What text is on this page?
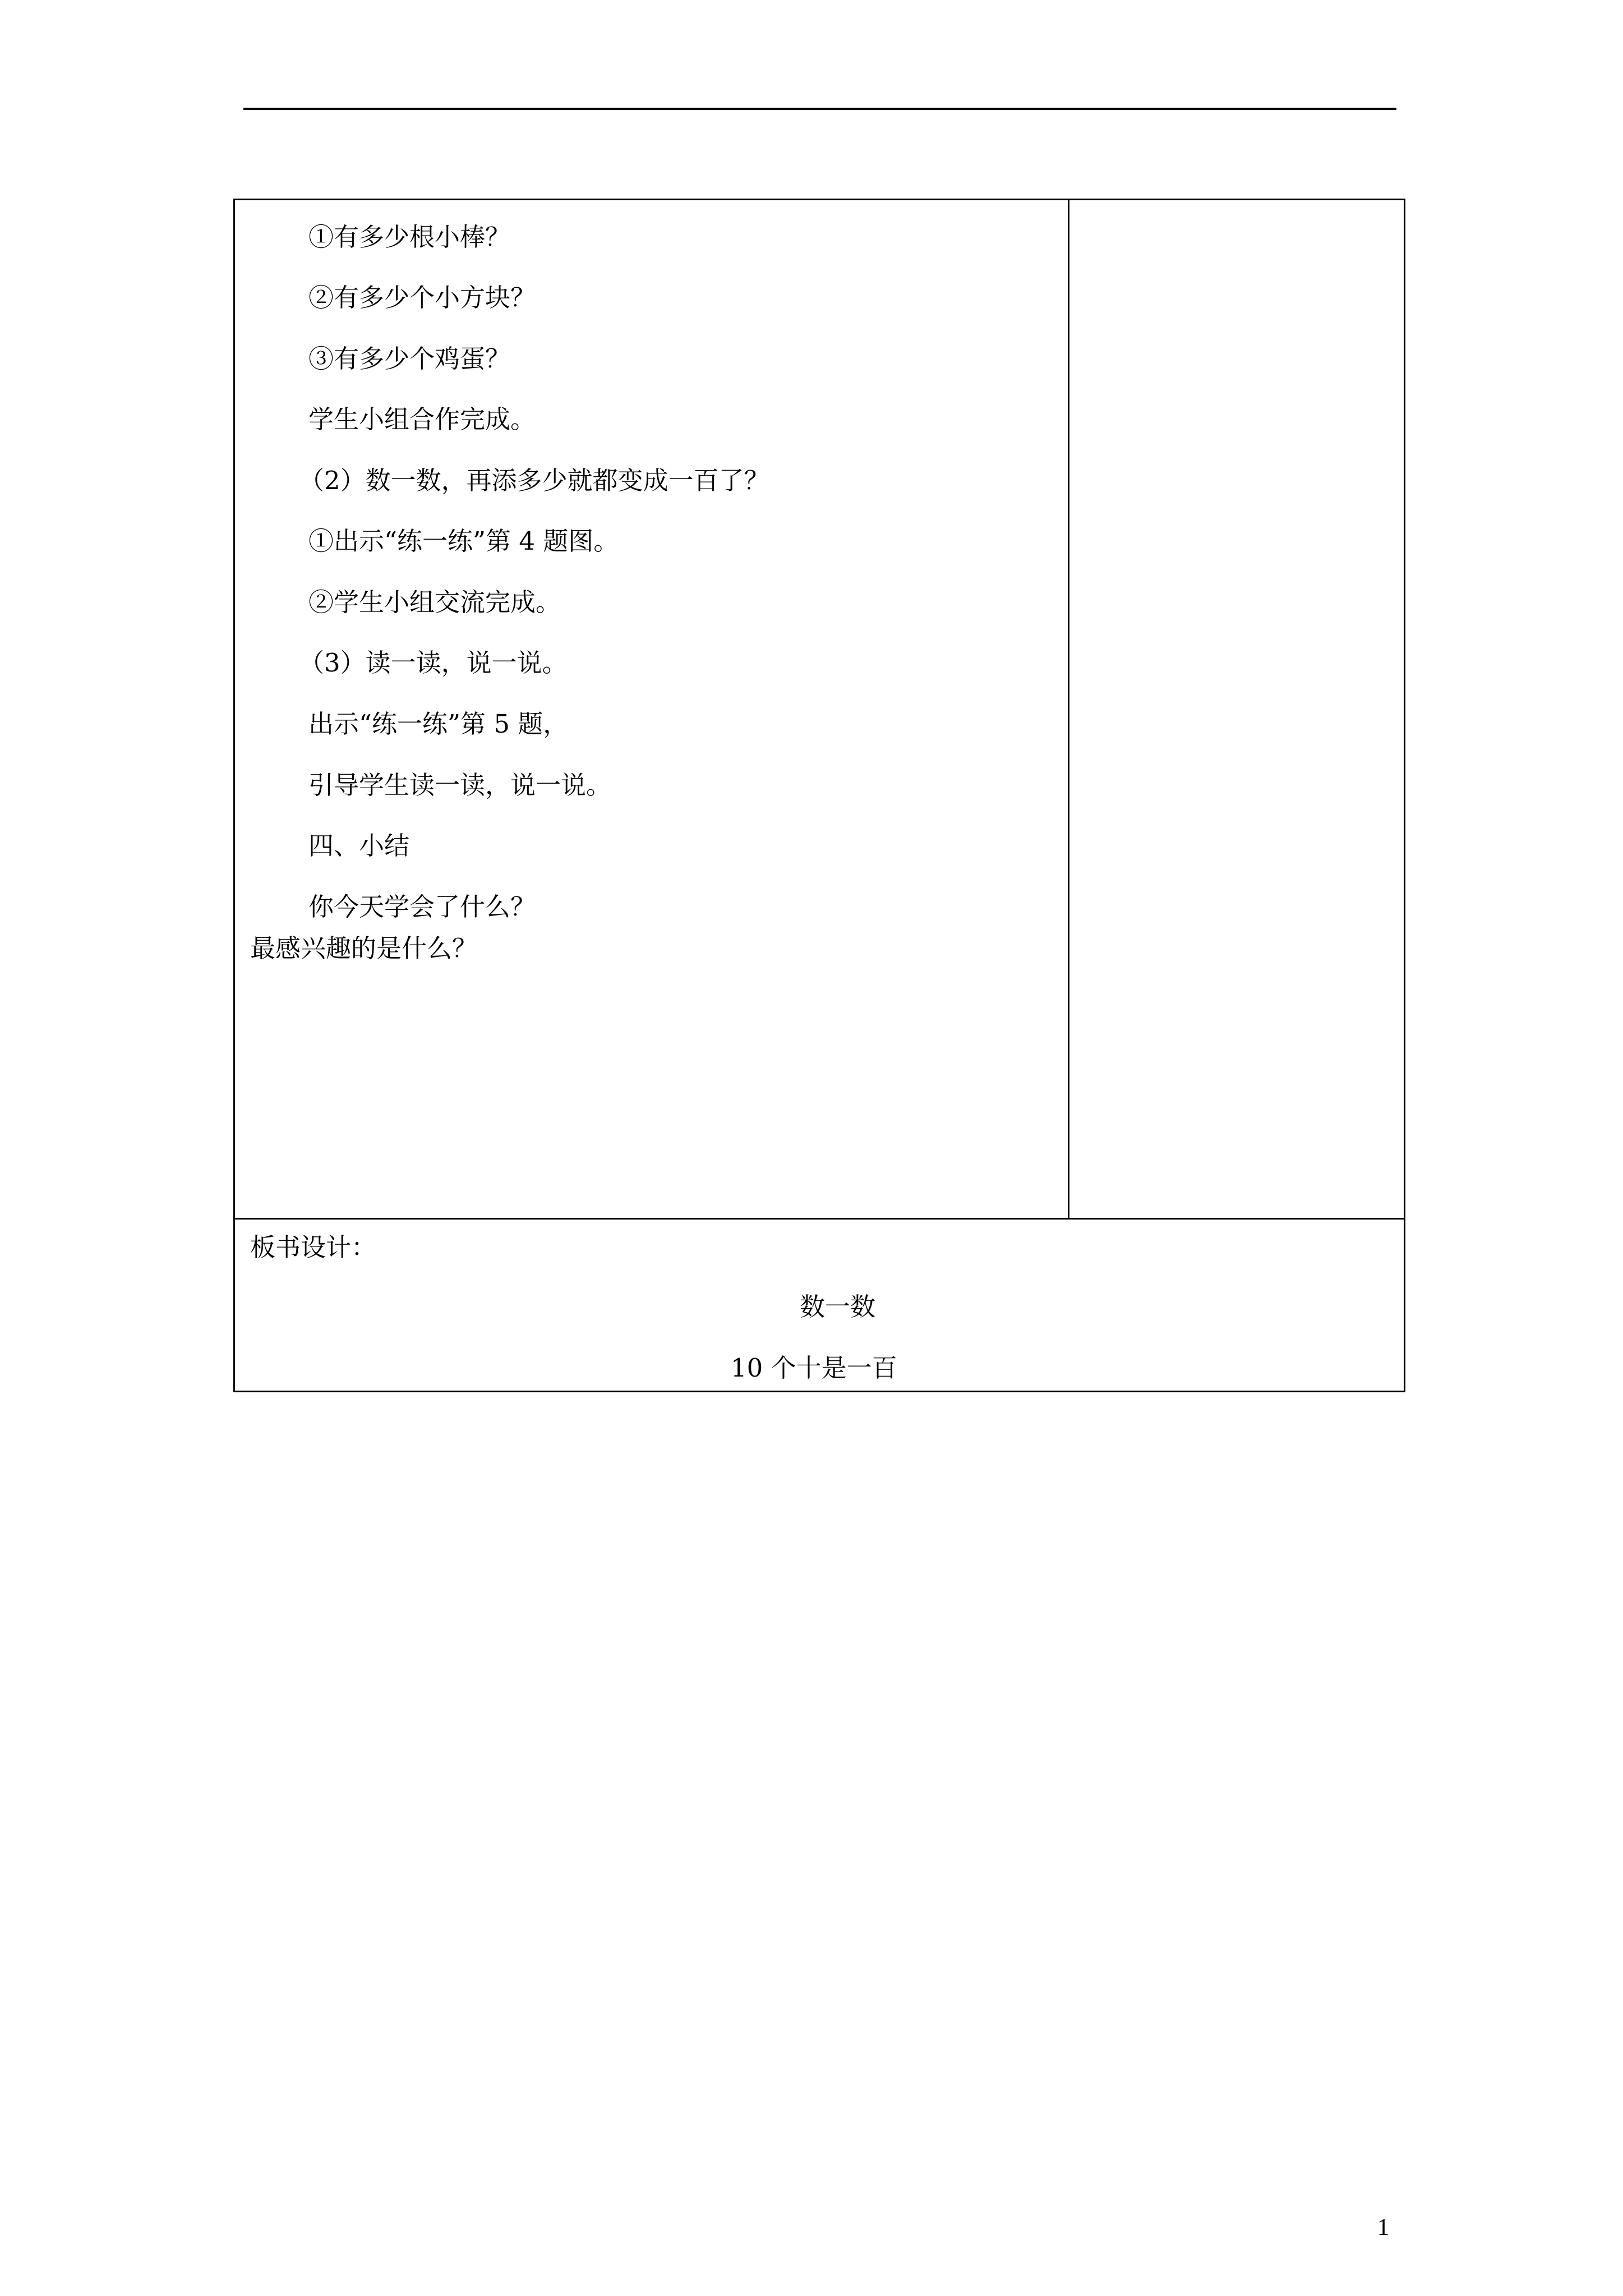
①有多少根小棒？

②有多少个小方块？

③有多少个鸡蛋？

学生小组合作完成。

（2）数一数，再添多少就都变成一百了？

①出示“练一练”第 4 题图。

②学生小组交流完成。

（3）读一读，说一说。

出示“练一练”第 5 题，

引导学生读一读，说一说。

四、小结

你今天学会了什么？

最感兴趣的是什么？

板书设计：
数一数
10 个十是一百
1
